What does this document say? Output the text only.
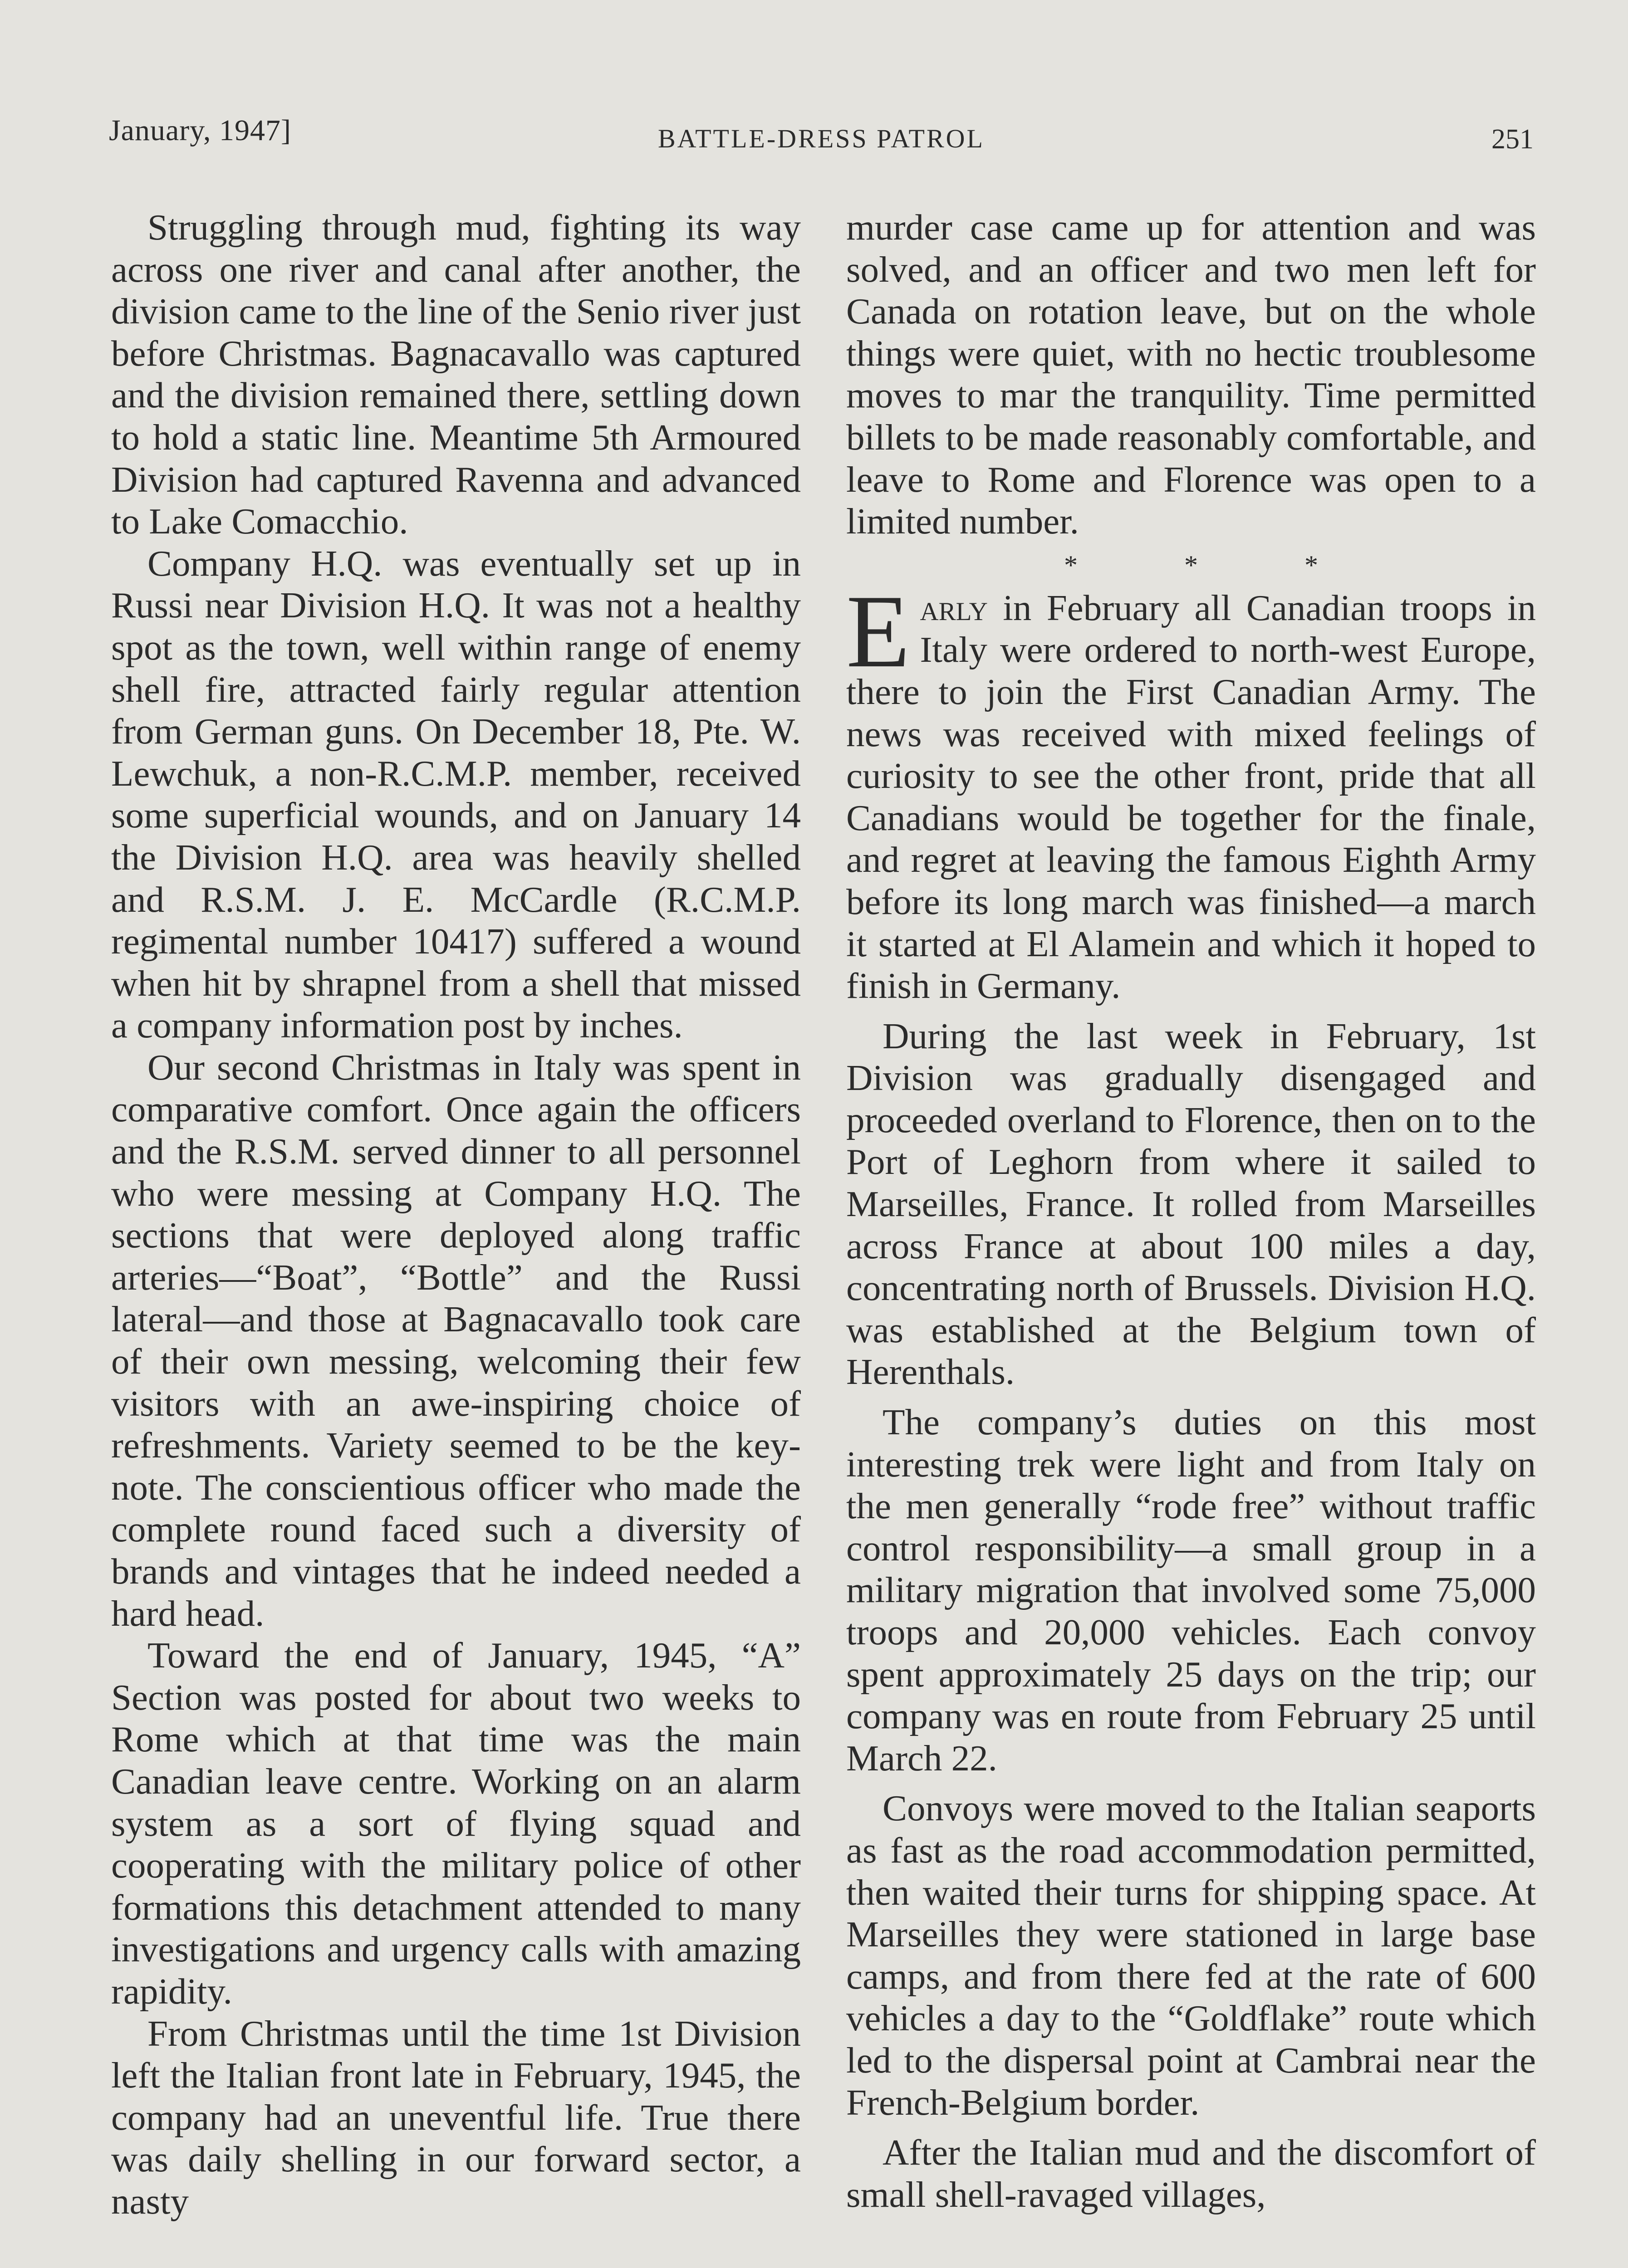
January, 1947]	BATTLE-DRESS PATROL	251

Struggling through mud, fighting its way across one river and canal after another, the division came to the line of the Senio river just before Christmas. Bagnacavallo was captured and the division remained there, settling down to hold a static line. Meantime 5th Armoured Division had captured Ravenna and advanced to Lake Comacchio.

Company H.Q. was eventually set up in Russi near Division H.Q. It was not a healthy spot as the town, well within range of enemy shell fire, attracted fairly regular attention from German guns. On December 18, Pte. W. Lewchuk, a non-R.C.M.P. member, received some superficial wounds, and on January 14 the Division H.Q. area was heavily shelled and R.S.M. J. E. McCardle (R.C.M.P. regimental number 10417) suffered a wound when hit by shrapnel from a shell that missed a company information post by inches.

Our second Christmas in Italy was spent in comparative comfort. Once again the officers and the R.S.M. served dinner to all personnel who were messing at Company H.Q. The sections that were deployed along traffic arteries—“Boat”, “Bottle” and the Russi lateral—and those at Bagnacavallo took care of their own messing, welcoming their few visitors with an awe-inspiring choice of refreshments. Variety seemed to be the key-note. The conscientious officer who made the complete round faced such a diversity of brands and vintages that he indeed needed a hard head.

Toward the end of January, 1945, “A” Section was posted for about two weeks to Rome which at that time was the main Canadian leave centre. Working on an alarm system as a sort of flying squad and cooperating with the military police of other formations this detachment attended to many investigations and urgency calls with amazing rapidity.

From Christmas until the time 1st Division left the Italian front late in February, 1945, the company had an uneventful life. True there was daily shelling in our forward sector, a nasty

murder case came up for attention and was solved, and an officer and two men left for Canada on rotation leave, but on the whole things were quiet, with no hectic troublesome moves to mar the tranquility. Time permitted billets to be made reasonably comfortable, and leave to Rome and Florence was open to a limited number.

* * *

Early in February all Canadian troops in Italy were ordered to north-west Europe, there to join the First Canadian Army. The news was received with mixed feelings of curiosity to see the other front, pride that all Canadians would be together for the finale, and regret at leaving the famous Eighth Army before its long march was finished—a march it started at El Alamein and which it hoped to finish in Germany.

During the last week in February, 1st Division was gradually disengaged and proceeded overland to Florence, then on to the Port of Leghorn from where it sailed to Marseilles, France. It rolled from Marseilles across France at about 100 miles a day, concentrating north of Brussels. Division H.Q. was established at the Belgium town of Herenthals.

The company’s duties on this most interesting trek were light and from Italy on the men generally “rode free” without traffic control responsibility—a small group in a military migration that involved some 75,000 troops and 20,000 vehicles. Each convoy spent approximately 25 days on the trip; our company was en route from February 25 until March 22.

Convoys were moved to the Italian seaports as fast as the road accommodation permitted, then waited their turns for shipping space. At Marseilles they were stationed in large base camps, and from there fed at the rate of 600 vehicles a day to the “Goldflake” route which led to the dispersal point at Cambrai near the French-Belgium border.

After the Italian mud and the discomfort of small shell-ravaged villages,
